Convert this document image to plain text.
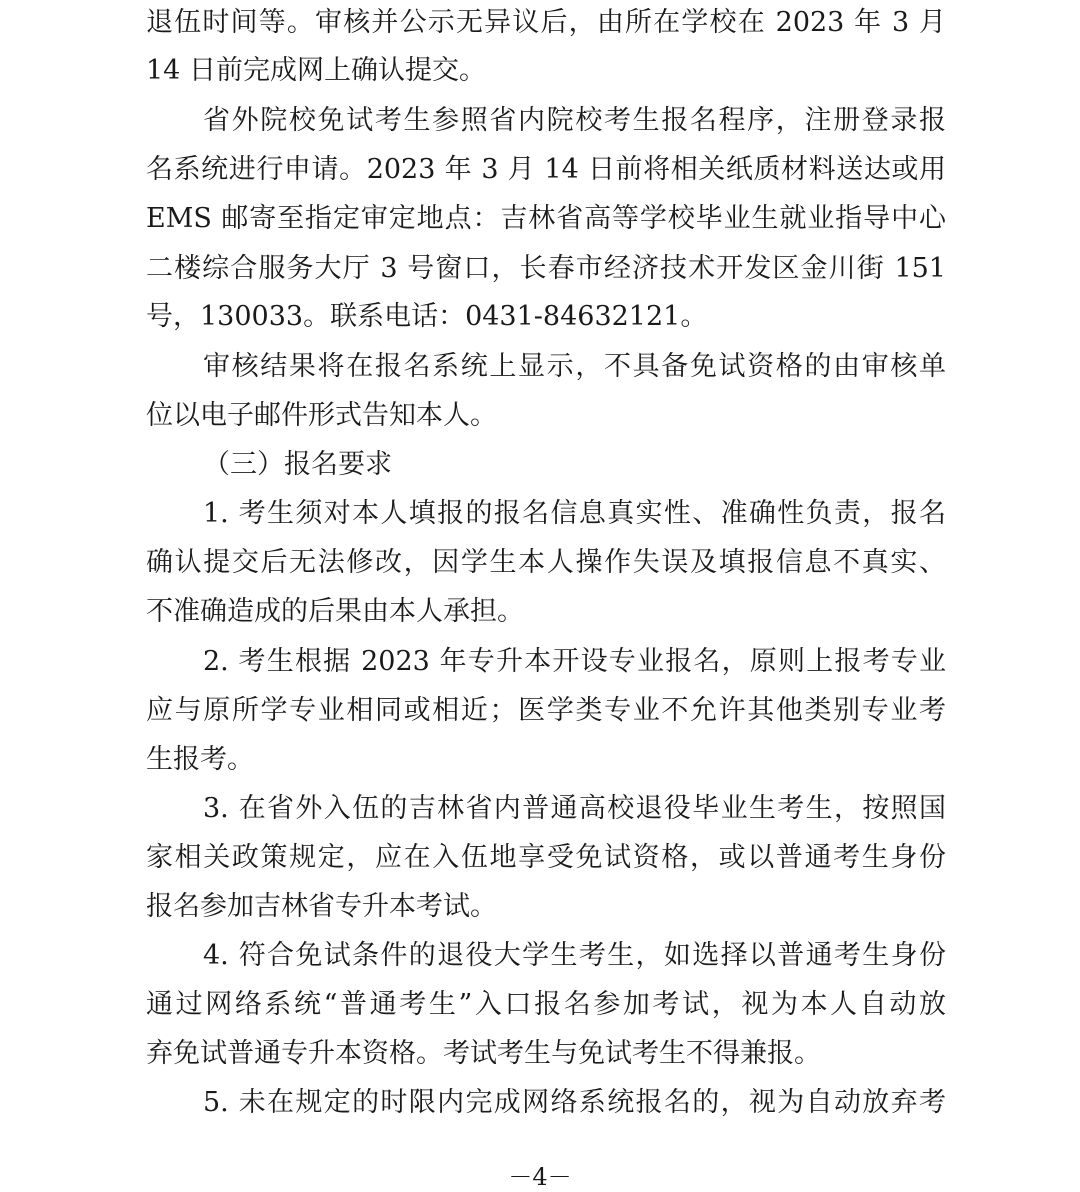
退伍时间等。审核并公示无异议后，由所在学校在 2023 年 3 月
14 日前完成网上确认提交。
省外院校免试考生参照省内院校考生报名程序，注册登录报
名系统进行申请。2023 年 3 月 14 日前将相关纸质材料送达或用
EMS 邮寄至指定审定地点：吉林省高等学校毕业生就业指导中心
二楼综合服务大厅 3 号窗口，长春市经济技术开发区金川街 151
号，130033。联系电话：0431-84632121。
审核结果将在报名系统上显示，不具备免试资格的由审核单
位以电子邮件形式告知本人。
（三）报名要求
1. 考生须对本人填报的报名信息真实性、准确性负责，报名
确认提交后无法修改，因学生本人操作失误及填报信息不真实、
不准确造成的后果由本人承担。
2. 考生根据 2023 年专升本开设专业报名，原则上报考专业
应与原所学专业相同或相近；医学类专业不允许其他类别专业考
生报考。
3. 在省外入伍的吉林省内普通高校退役毕业生考生，按照国
家相关政策规定，应在入伍地享受免试资格，或以普通考生身份
报名参加吉林省专升本考试。
4. 符合免试条件的退役大学生考生，如选择以普通考生身份
通过网络系统“普通考生”入口报名参加考试，视为本人自动放
弃免试普通专升本资格。考试考生与免试考生不得兼报。
5. 未在规定的时限内完成网络系统报名的，视为自动放弃考
－4－
